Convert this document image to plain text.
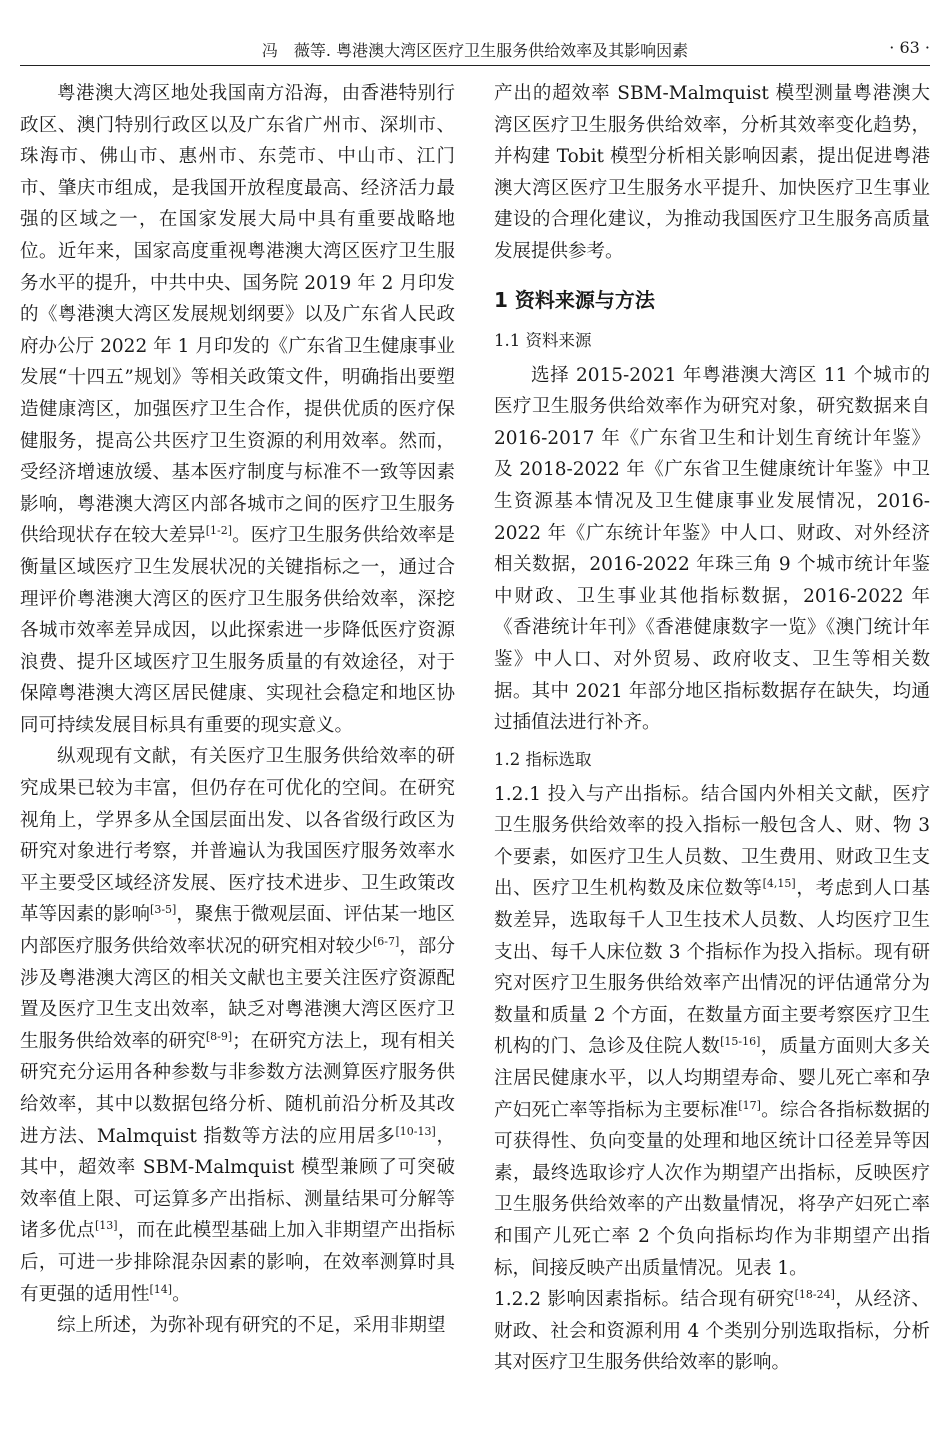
冯　薇等. 粤港澳大湾区医疗卫生服务供给效率及其影响因素	· 63 ·

粤港澳大湾区地处我国南方沿海，由香港特别行政区、澳门特别行政区以及广东省广州市、深圳市、珠海市、佛山市、惠州市、东莞市、中山市、江门市、肇庆市组成，是我国开放程度最高、经济活力最强的区域之一，在国家发展大局中具有重要战略地位。近年来，国家高度重视粤港澳大湾区医疗卫生服务水平的提升，中共中央、国务院 2019 年 2 月印发的《粤港澳大湾区发展规划纲要》以及广东省人民政府办公厅 2022 年 1 月印发的《广东省卫生健康事业发展“十四五”规划》等相关政策文件，明确指出要塑造健康湾区，加强医疗卫生合作，提供优质的医疗保健服务，提高公共医疗卫生资源的利用效率。然而，受经济增速放缓、基本医疗制度与标准不一致等因素影响，粤港澳大湾区内部各城市之间的医疗卫生服务供给现状存在较大差异[1-2]。医疗卫生服务供给效率是衡量区域医疗卫生发展状况的关键指标之一，通过合理评价粤港澳大湾区的医疗卫生服务供给效率，深挖各城市效率差异成因，以此探索进一步降低医疗资源浪费、提升区域医疗卫生服务质量的有效途径，对于保障粤港澳大湾区居民健康、实现社会稳定和地区协同可持续发展目标具有重要的现实意义。

纵观现有文献，有关医疗卫生服务供给效率的研究成果已较为丰富，但仍存在可优化的空间。在研究视角上，学界多从全国层面出发、以各省级行政区为研究对象进行考察，并普遍认为我国医疗服务效率水平主要受区域经济发展、医疗技术进步、卫生政策改革等因素的影响[3-5]，聚焦于微观层面、评估某一地区内部医疗服务供给效率状况的研究相对较少[6-7]，部分涉及粤港澳大湾区的相关文献也主要关注医疗资源配置及医疗卫生支出效率，缺乏对粤港澳大湾区医疗卫生服务供给效率的研究[8-9]；在研究方法上，现有相关研究充分运用各种参数与非参数方法测算医疗服务供给效率，其中以数据包络分析、随机前沿分析及其改进方法、Malmquist 指数等方法的应用居多[10-13]，其中，超效率 SBM-Malmquist 模型兼顾了可突破效率值上限、可运算多产出指标、测量结果可分解等诸多优点[13]，而在此模型基础上加入非期望产出指标后，可进一步排除混杂因素的影响，在效率测算时具有更强的适用性[14]。

综上所述，为弥补现有研究的不足，采用非期望

产出的超效率 SBM-Malmquist 模型测量粤港澳大湾区医疗卫生服务供给效率，分析其效率变化趋势，并构建 Tobit 模型分析相关影响因素，提出促进粤港澳大湾区医疗卫生服务水平提升、加快医疗卫生事业建设的合理化建议，为推动我国医疗卫生服务高质量发展提供参考。

1 资料来源与方法
1.1 资料来源

选择 2015-2021 年粤港澳大湾区 11 个城市的医疗卫生服务供给效率作为研究对象，研究数据来自 2016-2017 年《广东省卫生和计划生育统计年鉴》及 2018-2022 年《广东省卫生健康统计年鉴》中卫生资源基本情况及卫生健康事业发展情况，2016-2022 年《广东统计年鉴》中人口、财政、对外经济相关数据，2016-2022 年珠三角 9 个城市统计年鉴中财政、卫生事业其他指标数据，2016-2022 年《香港统计年刊》《香港健康数字一览》《澳门统计年鉴》中人口、对外贸易、政府收支、卫生等相关数据。其中 2021 年部分地区指标数据存在缺失，均通过插值法进行补齐。

1.2 指标选取

1.2.1 投入与产出指标。结合国内外相关文献，医疗卫生服务供给效率的投入指标一般包含人、财、物 3 个要素，如医疗卫生人员数、卫生费用、财政卫生支出、医疗卫生机构数及床位数等[4,15]，考虑到人口基数差异，选取每千人卫生技术人员数、人均医疗卫生支出、每千人床位数 3 个指标作为投入指标。现有研究对医疗卫生服务供给效率产出情况的评估通常分为数量和质量 2 个方面，在数量方面主要考察医疗卫生机构的门、急诊及住院人数[15-16]，质量方面则大多关注居民健康水平，以人均期望寿命、婴儿死亡率和孕产妇死亡率等指标为主要标准[17]。综合各指标数据的可获得性、负向变量的处理和地区统计口径差异等因素，最终选取诊疗人次作为期望产出指标，反映医疗卫生服务供给效率的产出数量情况，将孕产妇死亡率和围产儿死亡率 2 个负向指标均作为非期望产出指标，间接反映产出质量情况。见表 1。

1.2.2 影响因素指标。结合现有研究[18-24]，从经济、财政、社会和资源利用 4 个类别分别选取指标，分析其对医疗卫生服务供给效率的影响。
